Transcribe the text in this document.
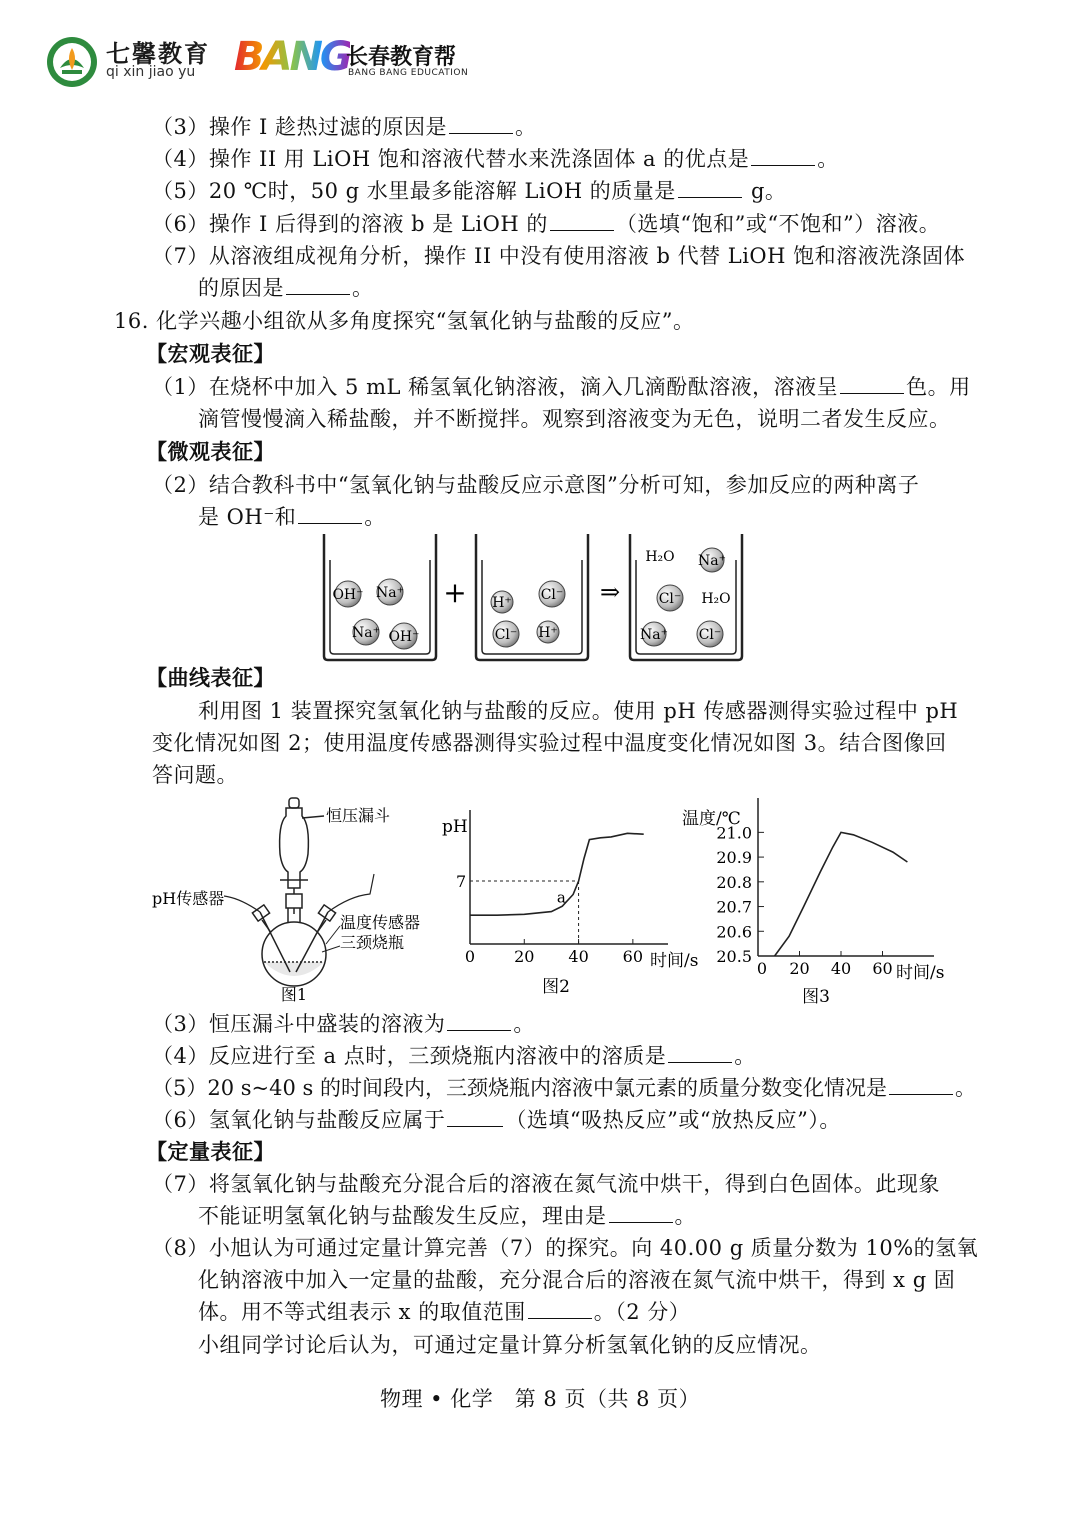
七馨教育
qi xin jiao yu BANG
长春教育帮
BANG BANG EDUCATION
（3）操作 I 趁热过滤的原因是	。
（4）操作 II 用 LiOH 饱和溶液代替水来洗涤固体 a 的优点是	。
（5）20 ℃时，50 g 水里最多能溶解 LiOH 的质量是	g。
（6）操作 I 后得到的溶液 b 是 LiOH 的	（选填“饱和”或“不饱和”）溶液。
（7）从溶液组成视角分析，操作 II 中没有使用溶液 b 代替 LiOH 饱和溶液洗涤固体
的原因是	。
16. 化学兴趣小组欲从多角度探究“氢氧化钠与盐酸的反应”。
【宏观表征】
（1）在烧杯中加入 5 mL 稀氢氧化钠溶液，滴入几滴酚酞溶液，溶液呈	色。用
滴管慢慢滴入稀盐酸，并不断搅拌。观察到溶液变为无色，说明二者发生反应。
【微观表征】
（2）结合教科书中“氢氧化钠与盐酸反应示意图”分析可知，参加反应的两种离子
是 OH⁻和	。
OH⁻ Na⁺
Na⁺ OH⁻
+ H⁺ Cl⁻
Cl⁻ H⁺
⇒
H₂O Na⁺
Cl⁻ H₂O
Na⁺ Cl⁻
【曲线表征】
利用图 1 装置探究氢氧化钠与盐酸的反应。使用 pH 传感器测得实验过程中 pH
变化情况如图 2；使用温度传感器测得实验过程中温度变化情况如图 3。结合图像回
答问题。
恒压漏斗
pH传感器
温度传感器
三颈烧瓶
图1
pH
时间/s
0 20 40 60
7
a
图2
温度/℃
时间/s
20.5
20.6
20.7
20.8
20.9
21.0
0 20 40 60
图3
（3）恒压漏斗中盛装的溶液为	。
（4）反应进行至 a 点时，三颈烧瓶内溶液中的溶质是	。
（5）20 s~40 s 的时间段内，三颈烧瓶内溶液中氯元素的质量分数变化情况是	。
（6）氢氧化钠与盐酸反应属于	（选填“吸热反应”或“放热反应”）。
【定量表征】
（7）将氢氧化钠与盐酸充分混合后的溶液在氮气流中烘干，得到白色固体。此现象
不能证明氢氧化钠与盐酸发生反应，理由是	。
（8）小旭认为可通过定量计算完善（7）的探究。向 40.00 g 质量分数为 10%的氢氧
化钠溶液中加入一定量的盐酸，充分混合后的溶液在氮气流中烘干，得到 x g 固
体。用不等式组表示 x 的取值范围	。（2 分）
小组同学讨论后认为，可通过定量计算分析氢氧化钠的反应情况。
物理 • 化学　第 8 页（共 8 页）
